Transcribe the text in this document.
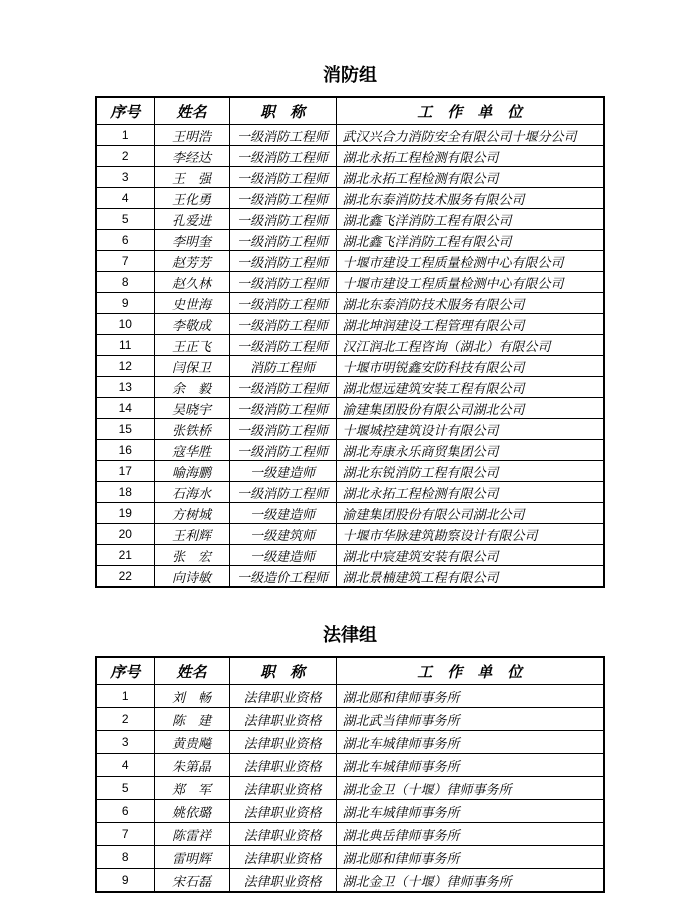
消防组
序号	姓名	职　称	工　作　单　位
1	王明浩	一级消防工程师	武汉兴合力消防安全有限公司十堰分公司
2	李经达	一级消防工程师	湖北永拓工程检测有限公司
3	王　强	一级消防工程师	湖北永拓工程检测有限公司
4	王化勇	一级消防工程师	湖北东泰消防技术服务有限公司
5	孔爱进	一级消防工程师	湖北鑫飞洋消防工程有限公司
6	李明奎	一级消防工程师	湖北鑫飞洋消防工程有限公司
7	赵芳芳	一级消防工程师	十堰市建设工程质量检测中心有限公司
8	赵久林	一级消防工程师	十堰市建设工程质量检测中心有限公司
9	史世海	一级消防工程师	湖北东泰消防技术服务有限公司
10	李敬成	一级消防工程师	湖北坤润建设工程管理有限公司
11	王正飞	一级消防工程师	汉江润北工程咨询（湖北）有限公司
12	闫保卫	消防工程师	十堰市明锐鑫安防科技有限公司
13	余　毅	一级消防工程师	湖北煜远建筑安装工程有限公司
14	吴晓宇	一级消防工程师	渝建集团股份有限公司湖北公司
15	张铁桥	一级消防工程师	十堰城控建筑设计有限公司
16	寇华胜	一级消防工程师	湖北寿康永乐商贸集团公司
17	喻海鹏	一级建造师	湖北东锐消防工程有限公司
18	石海水	一级消防工程师	湖北永拓工程检测有限公司
19	方树城	一级建造师	渝建集团股份有限公司湖北公司
20	王利辉	一级建筑师	十堰市华脉建筑勘察设计有限公司
21	张　宏	一级建造师	湖北中宸建筑安装有限公司
22	向诗敏	一级造价工程师	湖北景楠建筑工程有限公司
法律组
序号	姓名	职　称	工　作　单　位
1	刘　畅	法律职业资格	湖北郧和律师事务所
2	陈　建	法律职业资格	湖北武当律师事务所
3	黄贵飚	法律职业资格	湖北车城律师事务所
4	朱第晶	法律职业资格	湖北车城律师事务所
5	郑　军	法律职业资格	湖北金卫（十堰）律师事务所
6	姚依璐	法律职业资格	湖北车城律师事务所
7	陈雷祥	法律职业资格	湖北典岳律师事务所
8	雷明辉	法律职业资格	湖北郧和律师事务所
9	宋石磊	法律职业资格	湖北金卫（十堰）律师事务所
